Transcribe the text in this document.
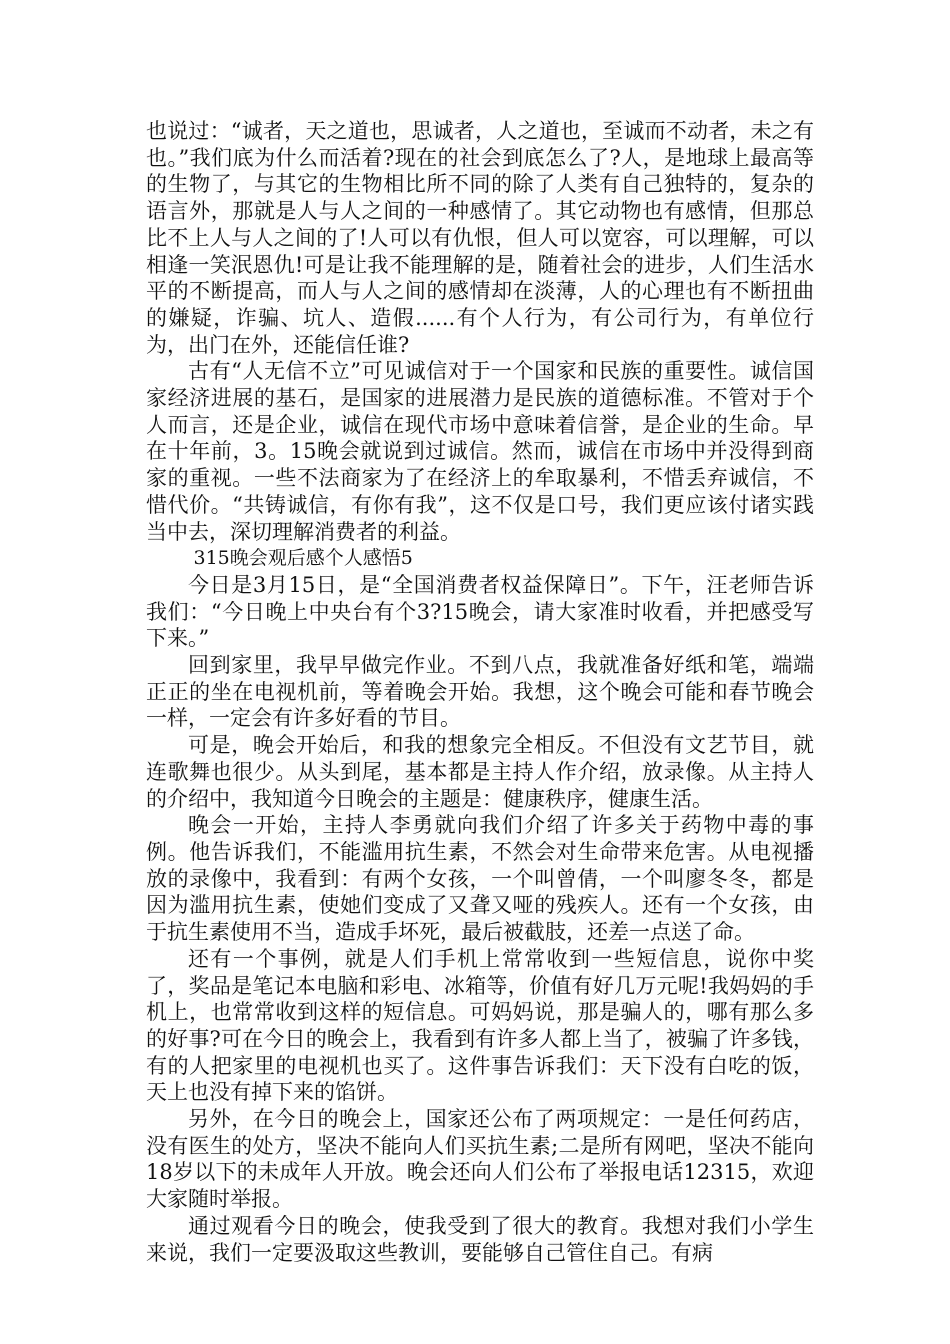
也说过：“诚者，天之道也，思诚者，人之道也，至诚而不动者，未之有也。”我们底为什么而活着?现在的社会到底怎么了?人，是地球上最高等的生物了，与其它的生物相比所不同的除了人类有自己独特的，复杂的语言外，那就是人与人之间的一种感情了。其它动物也有感情，但那总比不上人与人之间的了!人可以有仇恨，但人可以宽容，可以理解，可以相逢一笑泯恩仇!可是让我不能理解的是，随着社会的进步，人们生活水平的不断提高，而人与人之间的感情却在淡薄，人的心理也有不断扭曲的嫌疑，诈骗、坑人、造假......有个人行为，有公司行为，有单位行为，出门在外，还能信任谁?

古有“人无信不立”可见诚信对于一个国家和民族的重要性。诚信国家经济进展的基石，是国家的进展潜力是民族的道德标准。不管对于个人而言，还是企业，诚信在现代市场中意味着信誉，是企业的生命。早在十年前，3。15晚会就说到过诚信。然而，诚信在市场中并没得到商家的重视。一些不法商家为了在经济上的牟取暴利，不惜丢弃诚信，不惜代价。“共铸诚信，有你有我”，这不仅是口号，我们更应该付诸实践当中去，深切理解消费者的利益。

315晚会观后感个人感悟5

今日是3月15日，是“全国消费者权益保障日”。下午，汪老师告诉我们：“今日晚上中央台有个3?15晚会，请大家准时收看，并把感受写下来。”

回到家里，我早早做完作业。不到八点，我就准备好纸和笔，端端正正的坐在电视机前，等着晚会开始。我想，这个晚会可能和春节晚会一样，一定会有许多好看的节目。

可是，晚会开始后，和我的想象完全相反。不但没有文艺节目，就连歌舞也很少。从头到尾，基本都是主持人作介绍，放录像。从主持人的介绍中，我知道今日晚会的主题是：健康秩序，健康生活。

晚会一开始，主持人李勇就向我们介绍了许多关于药物中毒的事例。他告诉我们，不能滥用抗生素，不然会对生命带来危害。从电视播放的录像中，我看到：有两个女孩，一个叫曾倩，一个叫廖冬冬，都是因为滥用抗生素，使她们变成了又聋又哑的残疾人。还有一个女孩，由于抗生素使用不当，造成手坏死，最后被截肢，还差一点送了命。

还有一个事例，就是人们手机上常常收到一些短信息，说你中奖了，奖品是笔记本电脑和彩电、冰箱等，价值有好几万元呢!我妈妈的手机上，也常常收到这样的短信息。可妈妈说，那是骗人的，哪有那么多的好事?可在今日的晚会上，我看到有许多人都上当了，被骗了许多钱，有的人把家里的电视机也买了。这件事告诉我们：天下没有白吃的饭，天上也没有掉下来的馅饼。

另外，在今日的晚会上，国家还公布了两项规定：一是任何药店，没有医生的处方，坚决不能向人们买抗生素;二是所有网吧，坚决不能向18岁以下的未成年人开放。晚会还向人们公布了举报电话12315，欢迎大家随时举报。

通过观看今日的晚会，使我受到了很大的教育。我想对我们小学生来说，我们一定要汲取这些教训，要能够自己管住自己。有病
